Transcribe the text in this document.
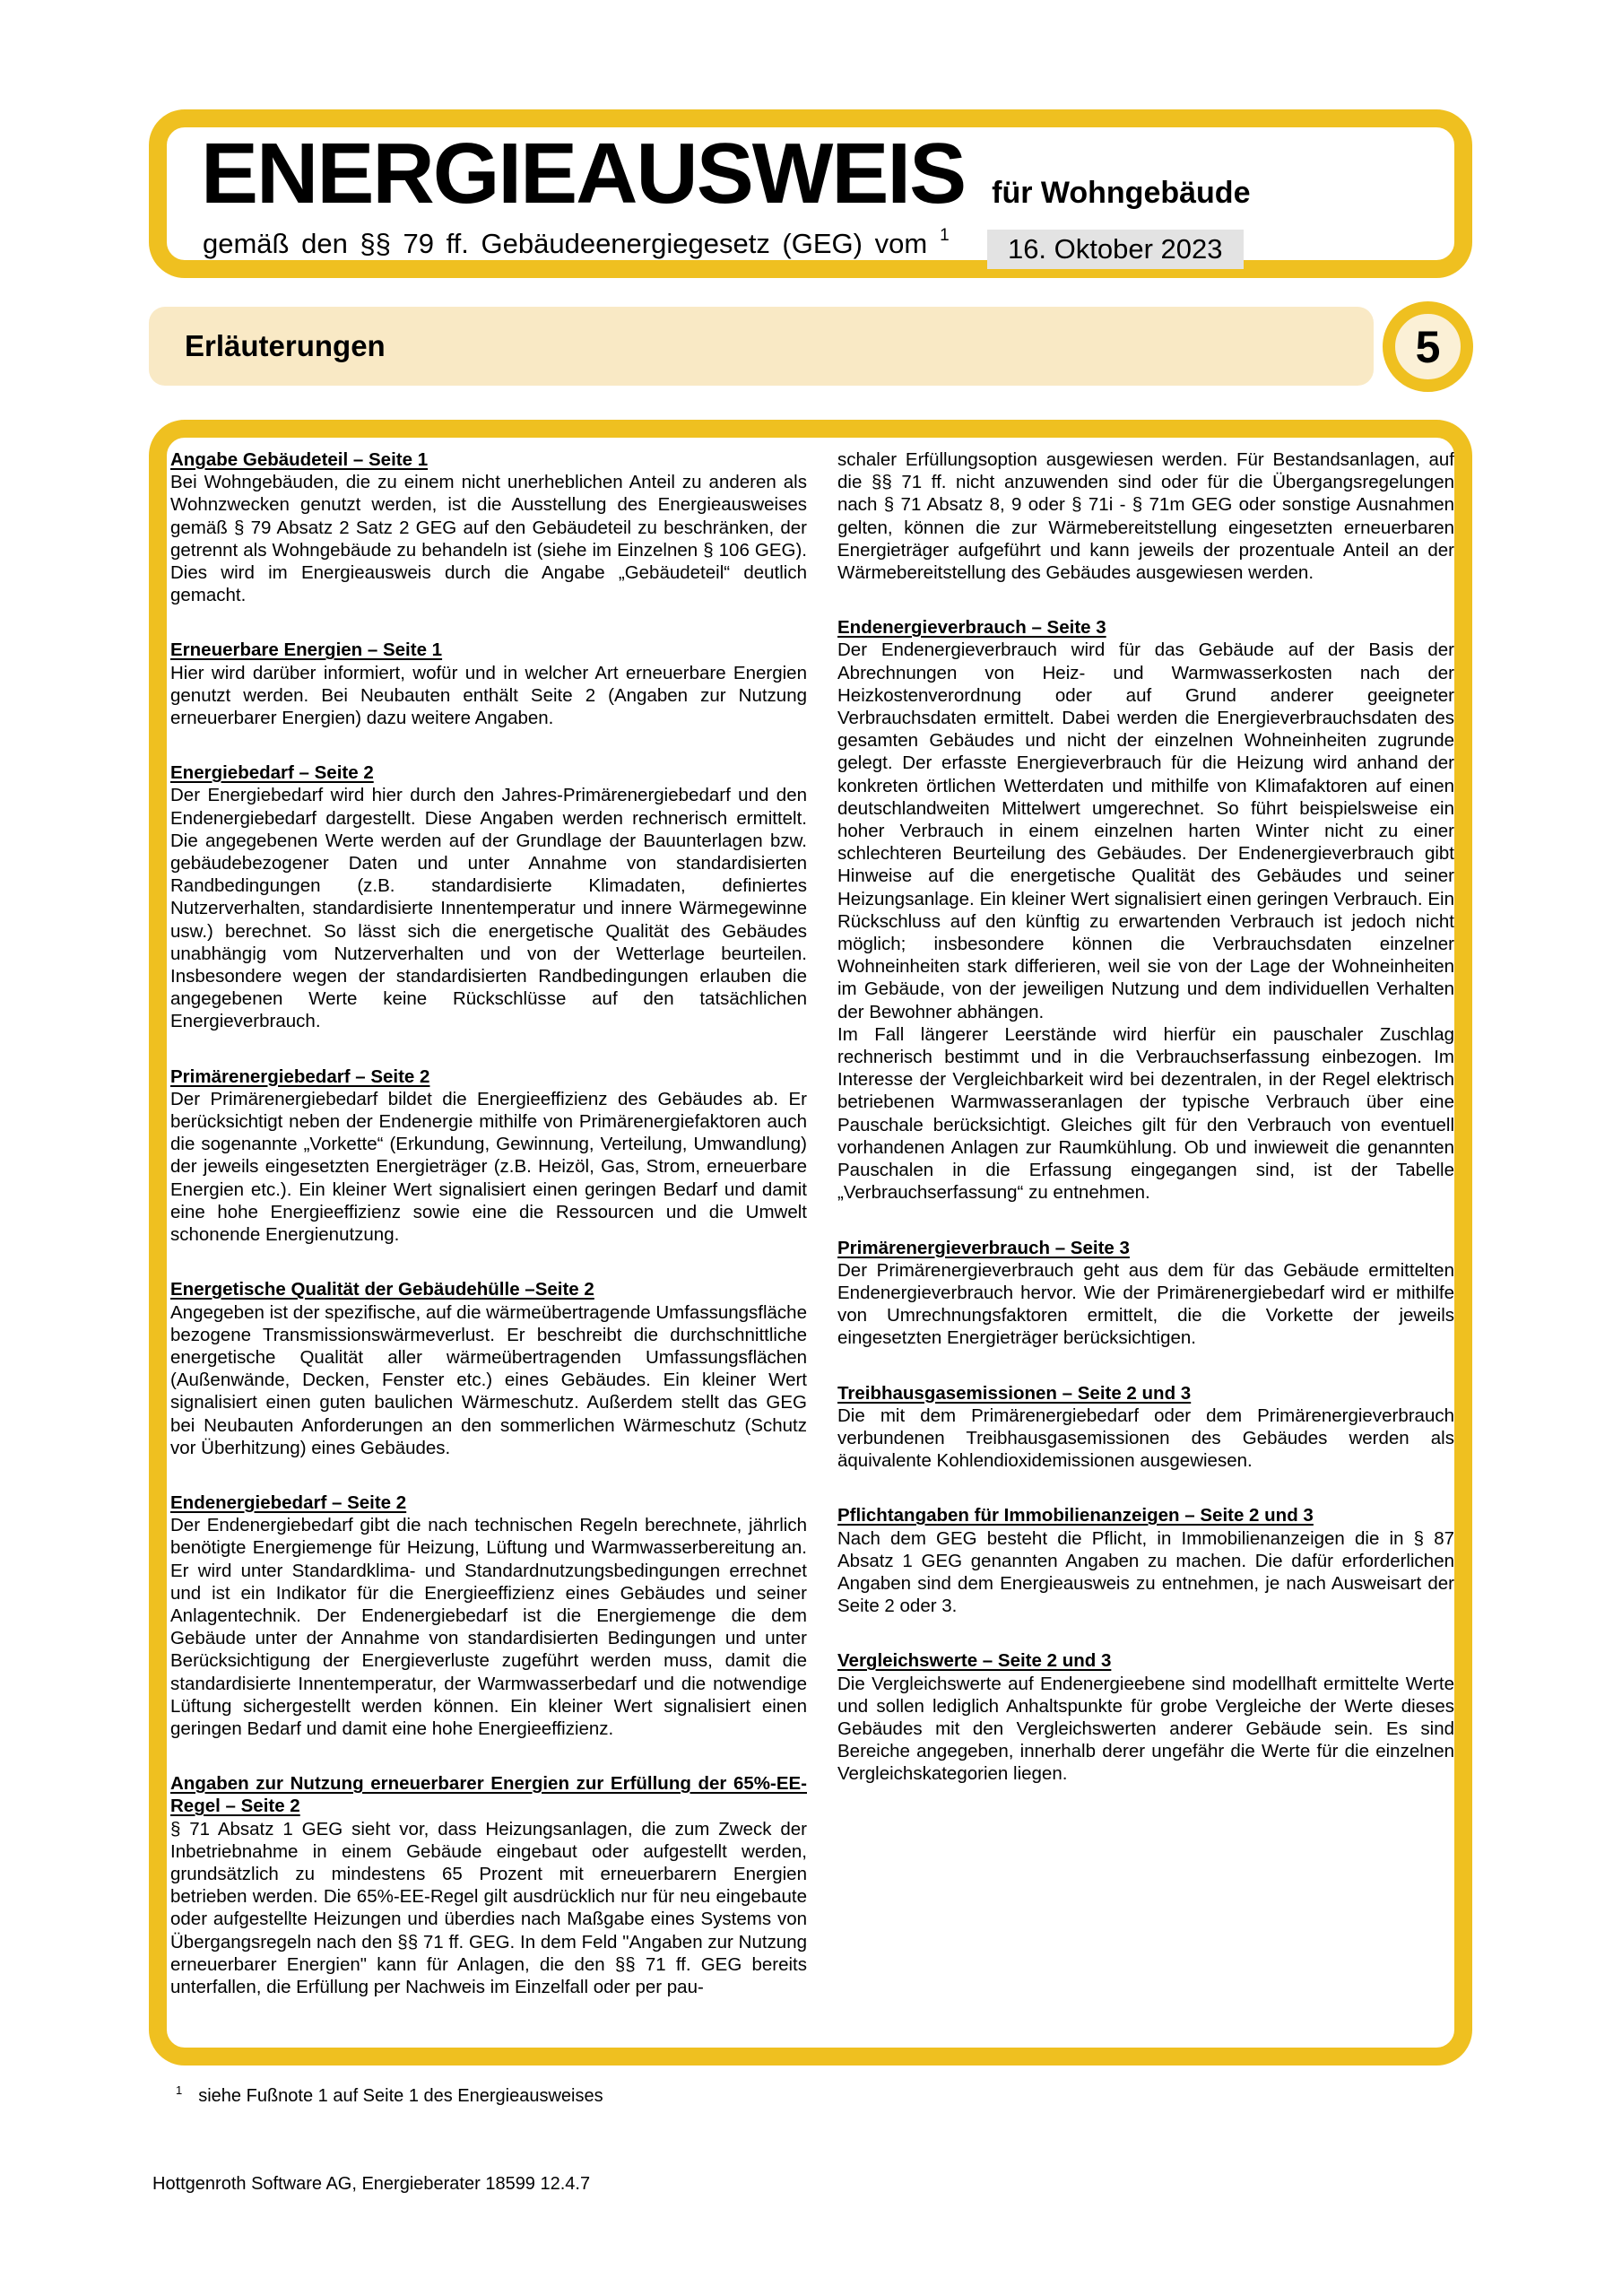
ENERGIEAUSWEIS für Wohngebäude
gemäß den §§ 79 ff. Gebäudeenergiegesetz (GEG) vom 1	16. Oktober 2023
Erläuterungen	5
Angabe Gebäudeteil – Seite 1

Bei Wohngebäuden, die zu einem nicht unerheblichen Anteil zu anderen als Wohnzwecken genutzt werden, ist die Ausstellung des Energieausweises gemäß § 79 Absatz 2 Satz 2 GEG auf den Gebäudeteil zu beschränken, der getrennt als Wohngebäude zu behandeln ist (siehe im Einzelnen § 106 GEG). Dies wird im Energieausweis durch die Angabe „Gebäudeteil“ deutlich gemacht.

Erneuerbare Energien – Seite 1

Hier wird darüber informiert, wofür und in welcher Art erneuerbare Energien genutzt werden. Bei Neubauten enthält Seite 2 (Angaben zur Nutzung erneuerbarer Energien) dazu weitere Angaben.

Energiebedarf – Seite 2

Der Energiebedarf wird hier durch den Jahres-Primärenergiebedarf und den Endenergiebedarf dargestellt. Diese Angaben werden rechnerisch ermittelt. Die angegebenen Werte werden auf der Grundlage der Bauunterlagen bzw. gebäudebezogener Daten und unter Annahme von standardisierten Randbedingungen (z.B. standardisierte Klimadaten, definiertes Nutzerverhalten, standardisierte Innentemperatur und innere Wärmegewinne usw.) berechnet. So lässt sich die energetische Qualität des Gebäudes unabhängig vom Nutzerverhalten und von der Wetterlage beurteilen. Insbesondere wegen der standardisierten Randbedingungen erlauben die angegebenen Werte keine Rückschlüsse auf den tatsächlichen Energieverbrauch.

Primärenergiebedarf – Seite 2

Der Primärenergiebedarf bildet die Energieeffizienz des Gebäudes ab. Er berücksichtigt neben der Endenergie mithilfe von Primärenergiefaktoren auch die sogenannte „Vorkette“ (Erkundung, Gewinnung, Verteilung, Umwandlung) der jeweils eingesetzten Energieträger (z.B. Heizöl, Gas, Strom, erneuerbare Energien etc.). Ein kleiner Wert signalisiert einen geringen Bedarf und damit eine hohe Energieeffizienz sowie eine die Ressourcen und die Umwelt schonende Energienutzung.

Energetische Qualität der Gebäudehülle –Seite 2

Angegeben ist der spezifische, auf die wärmeübertragende Umfassungsfläche bezogene Transmissionswärmeverlust. Er beschreibt die durchschnittliche energetische Qualität aller wärmeübertragenden Umfassungsflächen (Außenwände, Decken, Fenster etc.) eines Gebäudes. Ein kleiner Wert signalisiert einen guten baulichen Wärmeschutz. Außerdem stellt das GEG bei Neubauten Anforderungen an den sommerlichen Wärmeschutz (Schutz vor Überhitzung) eines Gebäudes.

Endenergiebedarf – Seite 2

Der Endenergiebedarf gibt die nach technischen Regeln berechnete, jährlich benötigte Energiemenge für Heizung, Lüftung und Warmwasserbereitung an. Er wird unter Standardklima- und Standardnutzungsbedingungen errechnet und ist ein Indikator für die Energieeffizienz eines Gebäudes und seiner Anlagentechnik. Der Endenergiebedarf ist die Energiemenge die dem Gebäude unter der Annahme von standardisierten Bedingungen und unter Berücksichtigung der Energieverluste zugeführt werden muss, damit die standardisierte Innentemperatur, der Warmwasserbedarf und die notwendige Lüftung sichergestellt werden können. Ein kleiner Wert signalisiert einen geringen Bedarf und damit eine hohe Energieeffizienz.

Angaben zur Nutzung erneuerbarer Energien zur Erfüllung der 65%-EE-Regel – Seite 2

§ 71 Absatz 1 GEG sieht vor, dass Heizungsanlagen, die zum Zweck der Inbetriebnahme in einem Gebäude eingebaut oder aufgestellt werden, grundsätzlich zu mindestens 65 Prozent mit erneuerbarern Energien betrieben werden. Die 65%-EE-Regel gilt ausdrücklich nur für neu eingebaute oder aufgestellte Heizungen und überdies nach Maßgabe eines Systems von Übergangsregeln nach den §§ 71 ff. GEG. In dem Feld "Angaben zur Nutzung erneuerbarer Energien" kann für Anlagen, die den §§ 71 ff. GEG bereits unterfallen, die Erfüllung per Nachweis im Einzelfall oder per pau-

schaler Erfüllungsoption ausgewiesen werden. Für Bestandsanlagen, auf die §§ 71 ff. nicht anzuwenden sind oder für die Übergangsregelungen nach § 71 Absatz 8, 9 oder § 71i - § 71m GEG oder sonstige Ausnahmen gelten, können die zur Wärmebereitstellung eingesetzten erneuerbaren Energieträger aufgeführt und kann jeweils der prozentuale Anteil an der Wärmebereitstellung des Gebäudes ausgewiesen werden.

Endenergieverbrauch – Seite 3

Der Endenergieverbrauch wird für das Gebäude auf der Basis der Abrechnungen von Heiz- und Warmwasserkosten nach der Heizkostenverordnung oder auf Grund anderer geeigneter Verbrauchsdaten ermittelt. Dabei werden die Energieverbrauchsdaten des gesamten Gebäudes und nicht der einzelnen Wohneinheiten zugrunde gelegt. Der erfasste Energieverbrauch für die Heizung wird anhand der konkreten örtlichen Wetterdaten und mithilfe von Klimafaktoren auf einen deutschlandweiten Mittelwert umgerechnet. So führt beispielsweise ein hoher Verbrauch in einem einzelnen harten Winter nicht zu einer schlechteren Beurteilung des Gebäudes. Der Endenergieverbrauch gibt Hinweise auf die energetische Qualität des Gebäudes und seiner Heizungsanlage. Ein kleiner Wert signalisiert einen geringen Verbrauch. Ein Rückschluss auf den künftig zu erwartenden Verbrauch ist jedoch nicht möglich; insbesondere können die Verbrauchsdaten einzelner Wohneinheiten stark differieren, weil sie von der Lage der Wohneinheiten im Gebäude, von der jeweiligen Nutzung und dem individuellen Verhalten der Bewohner abhängen.

Im Fall längerer Leerstände wird hierfür ein pauschaler Zuschlag rechnerisch bestimmt und in die Verbrauchserfassung einbezogen. Im Interesse der Vergleichbarkeit wird bei dezentralen, in der Regel elektrisch betriebenen Warmwasseranlagen der typische Verbrauch über eine Pauschale berücksichtigt. Gleiches gilt für den Verbrauch von eventuell vorhandenen Anlagen zur Raumkühlung. Ob und inwieweit die genannten Pauschalen in die Erfassung eingegangen sind, ist der Tabelle „Verbrauchserfassung“ zu entnehmen.

Primärenergieverbrauch – Seite 3

Der Primärenergieverbrauch geht aus dem für das Gebäude ermittelten Endenergieverbrauch hervor. Wie der Primärenergiebedarf wird er mithilfe von Umrechnungsfaktoren ermittelt, die die Vorkette der jeweils eingesetzten Energieträger berücksichtigen.

Treibhausgasemissionen – Seite 2 und 3

Die mit dem Primärenergiebedarf oder dem Primärenergieverbrauch verbundenen Treibhausgasemissionen des Gebäudes werden als äquivalente Kohlendioxidemissionen ausgewiesen.

Pflichtangaben für Immobilienanzeigen – Seite 2 und 3

Nach dem GEG besteht die Pflicht, in Immobilienanzeigen die in § 87 Absatz 1 GEG genannten Angaben zu machen. Die dafür erforderlichen Angaben sind dem Energieausweis zu entnehmen, je nach Ausweisart der Seite 2 oder 3.

Vergleichswerte – Seite 2 und 3

Die Vergleichswerte auf Endenergieebene sind modellhaft ermittelte Werte und sollen lediglich Anhaltspunkte für grobe Vergleiche der Werte dieses Gebäudes mit den Vergleichswerten anderer Gebäude sein. Es sind Bereiche angegeben, innerhalb derer ungefähr die Werte für die einzelnen Vergleichskategorien liegen.

$^1$ siehe Fußnote 1 auf Seite 1 des Energieausweises
Hottgenroth Software AG, Energieberater 18599 12.4.7
